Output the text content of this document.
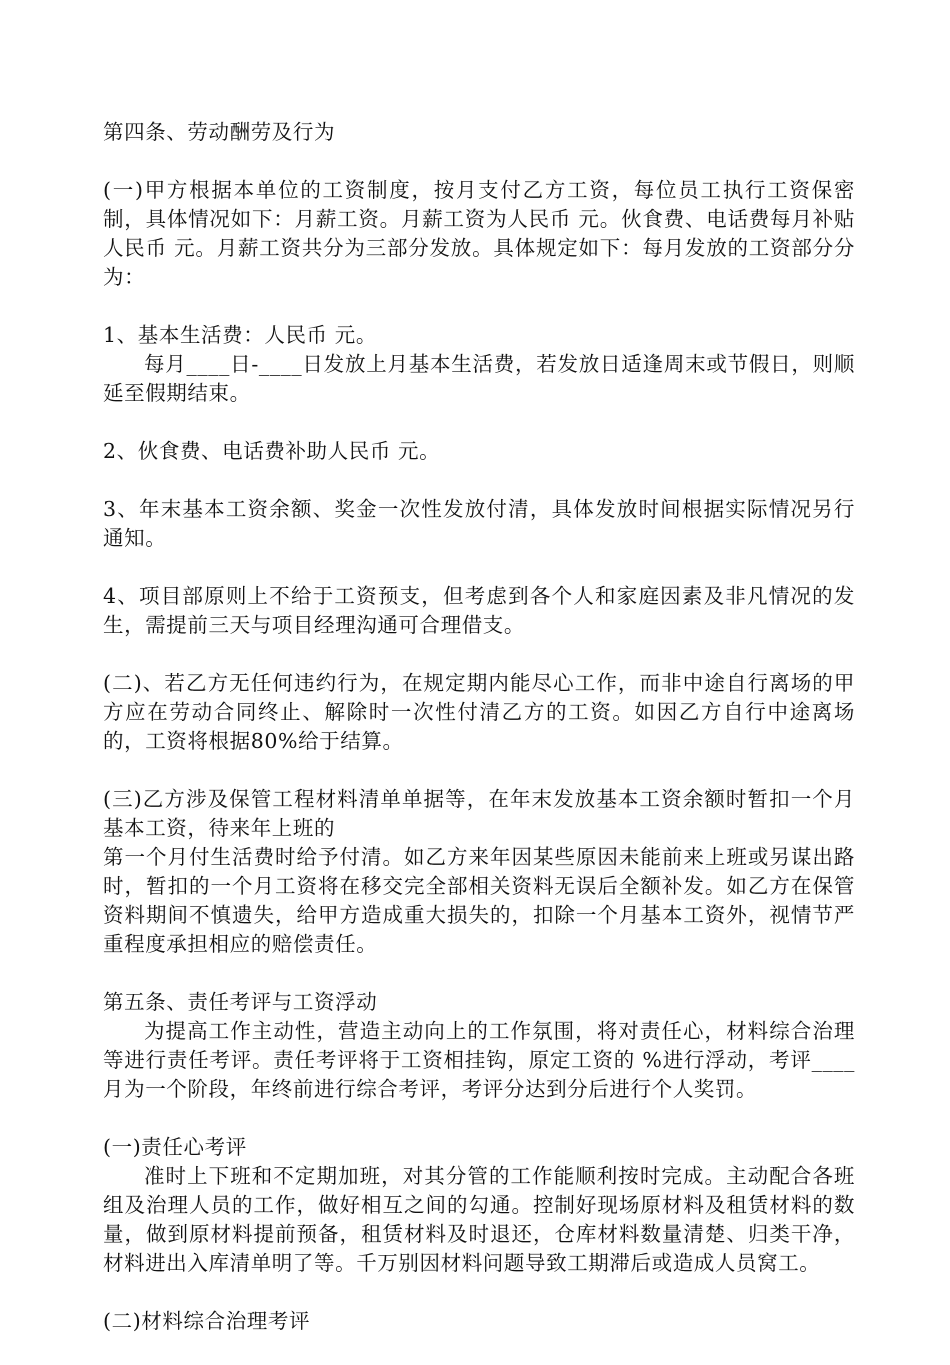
第四条、劳动酬劳及行为
(一)甲方根据本单位的工资制度，按月支付乙方工资，每位员工执行工资保密制，具体情况如下：月薪工资。月薪工资为人民币 元。伙食费、电话费每月补贴人民币 元。月薪工资共分为三部分发放。具体规定如下：每月发放的工资部分分为：
1、基本生活费：人民币 元。
每月____日-____日发放上月基本生活费，若发放日适逢周末或节假日，则顺延至假期结束。
2、伙食费、电话费补助人民币 元。
3、年末基本工资余额、奖金一次性发放付清，具体发放时间根据实际情况另行通知。
4、项目部原则上不给于工资预支，但考虑到各个人和家庭因素及非凡情况的发生，需提前三天与项目经理沟通可合理借支。
(二)、若乙方无任何违约行为，在规定期内能尽心工作，而非中途自行离场的甲方应在劳动合同终止、解除时一次性付清乙方的工资。如因乙方自行中途离场的，工资将根据80%给于结算。
(三)乙方涉及保管工程材料清单单据等，在年末发放基本工资余额时暂扣一个月基本工资，待来年上班的
第一个月付生活费时给予付清。如乙方来年因某些原因未能前来上班或另谋出路时，暂扣的一个月工资将在移交完全部相关资料无误后全额补发。如乙方在保管资料期间不慎遗失，给甲方造成重大损失的，扣除一个月基本工资外，视情节严重程度承担相应的赔偿责任。
第五条、责任考评与工资浮动
为提高工作主动性，营造主动向上的工作氛围，将对责任心，材料综合治理等进行责任考评。责任考评将于工资相挂钩，原定工资的 %进行浮动，考评____月为一个阶段，年终前进行综合考评，考评分达到分后进行个人奖罚。
(一)责任心考评
准时上下班和不定期加班，对其分管的工作能顺利按时完成。主动配合各班组及治理人员的工作，做好相互之间的勾通。控制好现场原材料及租赁材料的数量，做到原材料提前预备，租赁材料及时退还，仓库材料数量清楚、归类干净，材料进出入库清单明了等。千万别因材料问题导致工期滞后或造成人员窝工。
(二)材料综合治理考评
